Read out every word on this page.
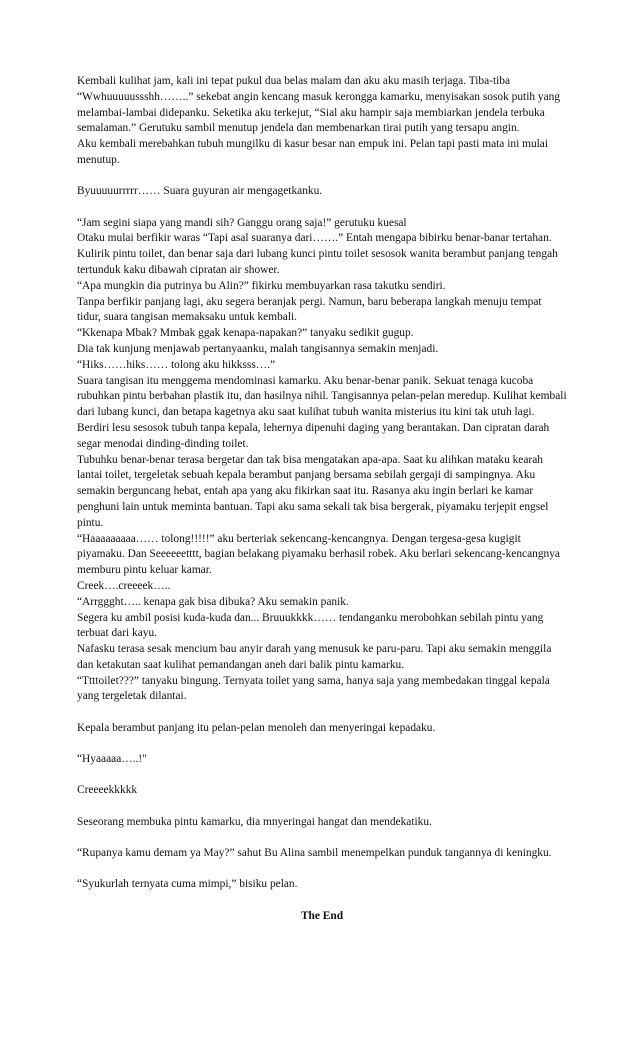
Kembali kulihat jam, kali ini tepat pukul dua belas malam dan aku aku masih terjaga. Tiba-tiba “Wwhuuuuussshh……..” sekebat angin kencang masuk kerongga kamarku, menyisakan sosok putih yang melambai-lambai didepanku. Seketika aku terkejut, “Sial aku hampir saja membiarkan jendela terbuka semalaman.” Gerutuku sambil menutup jendela dan membenarkan tirai putih yang tersapu angin.

Aku kembali merebahkan tubuh mungilku di kasur besar nan empuk ini. Pelan tapi pasti mata ini mulai menutup.

Byuuuuurrrrr…… Suara guyuran air mengagetkanku.

“Jam segini siapa yang mandi sih? Ganggu orang saja!” gerutuku kuesal

Otaku mulai berfikir waras “Tapi asal suaranya dari…….” Entah mengapa bibirku benar-banar tertahan. Kulirik pintu toilet, dan benar saja dari lubang kunci pintu toilet sesosok wanita berambut panjang tengah tertunduk kaku dibawah cipratan air shower.

“Apa mungkin dia putrinya bu Alin?” fikirku membuyarkan rasa takutku sendiri.

Tanpa berfikir panjang lagi, aku segera beranjak pergi. Namun, baru beberapa langkah menuju tempat tidur, suara tangisan memaksaku untuk kembali.

“Kkenapa Mbak? Mmbak ggak kenapa-napakan?” tanyaku sedikit gugup.

Dia tak kunjung menjawab pertanyaanku, malah tangisannya semakin menjadi.

“Hiks……hiks…… tolong aku hikksss….”

Suara tangisan itu menggema mendominasi kamarku. Aku benar-benar panik. Sekuat tenaga kucoba rubuhkan pintu berbahan plastik itu, dan hasilnya nihil. Tangisannya pelan-pelan meredup. Kulihat kembali dari lubang kunci, dan betapa kagetnya aku saat kulihat tubuh wanita misterius itu kini tak utuh lagi. Berdiri lesu sesosok tubuh tanpa kepala, lehernya dipenuhi daging yang berantakan. Dan cipratan darah segar menodai dinding-dinding toilet.

Tubuhku benar-benar terasa bergetar dan tak bisa mengatakan apa-apa. Saat ku alihkan mataku kearah lantai toilet, tergeletak sebuah kepala berambut panjang bersama sebilah gergaji di sampingnya. Aku semakin berguncang hebat, entah apa yang aku fikirkan saat itu. Rasanya aku ingin berlari ke kamar penghuni lain untuk meminta bantuan. Tapi aku sama sekali tak bisa bergerak, piyamaku terjepit engsel pintu.

“Haaaaaaaaa…… tolong!!!!!” aku berteriak sekencang-kencangnya. Dengan tergesa-gesa kugigit piyamaku. Dan Seeeeeetttt, bagian belakang piyamaku berhasil robek. Aku berlari sekencang-kencangnya memburu pintu keluar kamar.

Creek….creeeek…..

“Arrggght….. kenapa gak bisa dibuka? Aku semakin panik.

Segera ku ambil posisi kuda-kuda dan... Bruuukkkk…… tendanganku merobohkan sebilah pintu yang terbuat dari kayu.

Nafasku terasa sesak mencium bau anyir darah yang menusuk ke paru-paru. Tapi aku semakin menggila dan ketakutan saat kulihat pemandangan aneh dari balik pintu kamarku.

“Ttttoilet???” tanyaku bingung. Ternyata toilet yang sama, hanya saja yang membedakan tinggal kepala yang tergeletak dilantai.

Kepala berambut panjang itu pelan-pelan menoleh dan menyeringai kepadaku.

“Hyaaaaa…..!"

Creeeekkkkk

Seseorang membuka pintu kamarku, dia mnyeringai hangat dan mendekatiku.

“Rupanya kamu demam ya May?” sahut Bu Alina sambil menempelkan punduk tangannya di keningku.

“Syukurlah ternyata cuma mimpi,” bisiku pelan.

The End
